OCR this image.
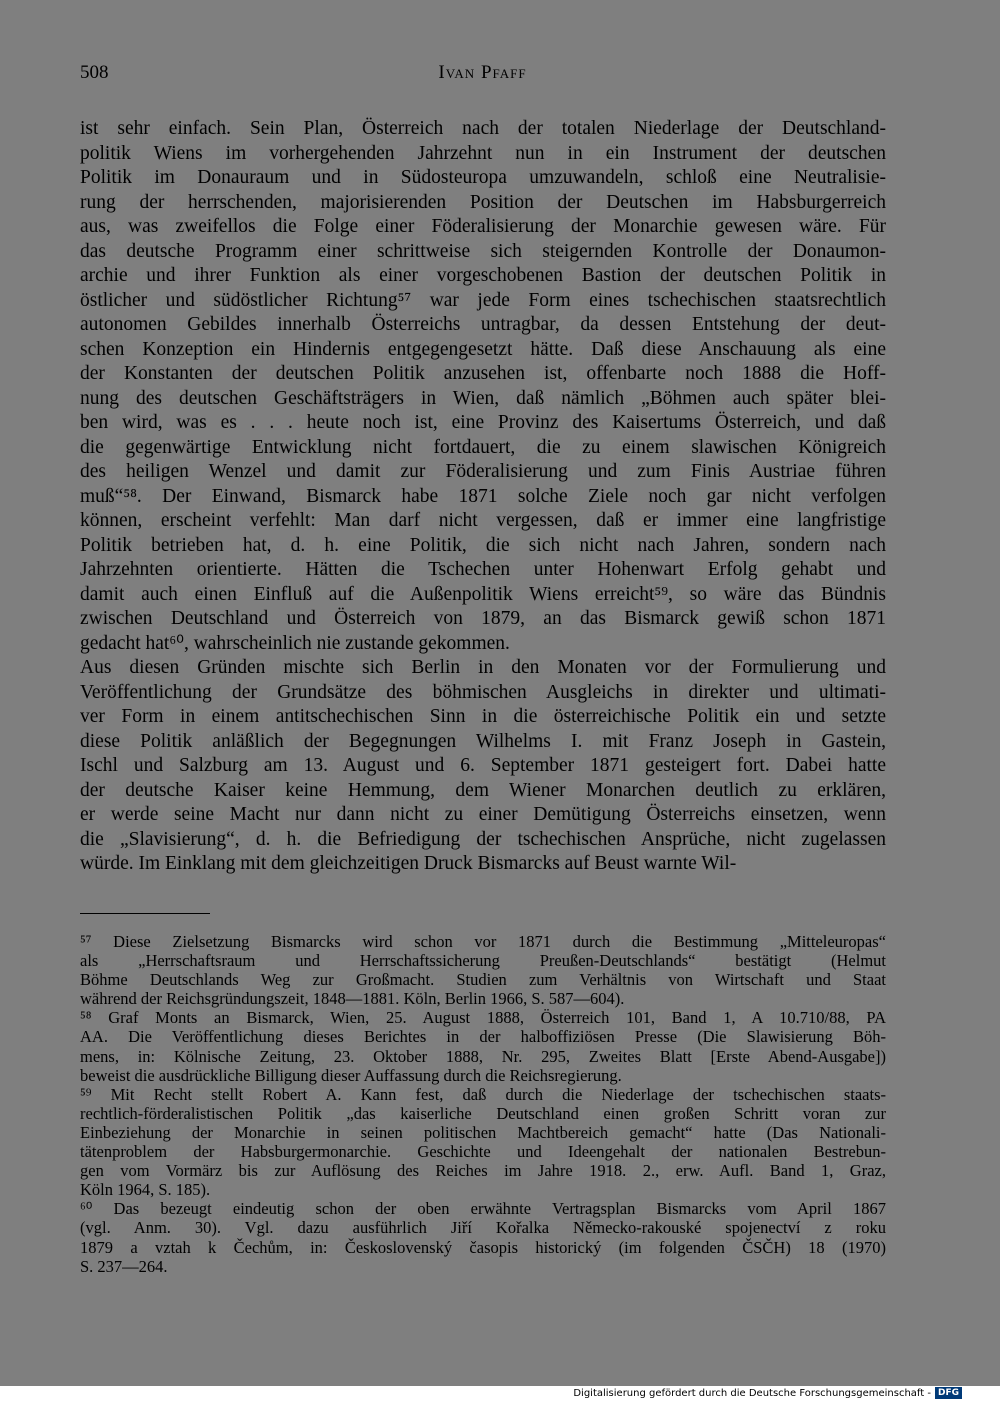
508	Ivan Pfaff
ist sehr einfach. Sein Plan, Österreich nach der totalen Niederlage der Deutschland-
politik Wiens im vorhergehenden Jahrzehnt nun in ein Instrument der deutschen
Politik im Donauraum und in Südosteuropa umzuwandeln, schloß eine Neutralisie-
rung der herrschenden, majorisierenden Position der Deutschen im Habsburgerreich
aus, was zweifellos die Folge einer Föderalisierung der Monarchie gewesen wäre. Für
das deutsche Programm einer schrittweise sich steigernden Kontrolle der Donaumon-
archie und ihrer Funktion als einer vorgeschobenen Bastion der deutschen Politik in
östlicher und südöstlicher Richtung⁵⁷ war jede Form eines tschechischen staatsrechtlich
autonomen Gebildes innerhalb Österreichs untragbar, da dessen Entstehung der deut-
schen Konzeption ein Hindernis entgegengesetzt hätte. Daß diese Anschauung als eine
der Konstanten der deutschen Politik anzusehen ist, offenbarte noch 1888 die Hoff-
nung des deutschen Geschäftsträgers in Wien, daß nämlich „Böhmen auch später blei-
ben wird, was es . . . heute noch ist, eine Provinz des Kaisertums Österreich, und daß
die gegenwärtige Entwicklung nicht fortdauert, die zu einem slawischen Königreich
des heiligen Wenzel und damit zur Föderalisierung und zum Finis Austriae führen
muß“⁵⁸. Der Einwand, Bismarck habe 1871 solche Ziele noch gar nicht verfolgen
können, erscheint verfehlt: Man darf nicht vergessen, daß er immer eine langfristige
Politik betrieben hat, d. h. eine Politik, die sich nicht nach Jahren, sondern nach
Jahrzehnten orientierte. Hätten die Tschechen unter Hohenwart Erfolg gehabt und
damit auch einen Einfluß auf die Außenpolitik Wiens erreicht⁵⁹, so wäre das Bündnis
zwischen Deutschland und Österreich von 1879, an das Bismarck gewiß schon 1871
gedacht hat⁶⁰, wahrscheinlich nie zustande gekommen.
Aus diesen Gründen mischte sich Berlin in den Monaten vor der Formulierung und
Veröffentlichung der Grundsätze des böhmischen Ausgleichs in direkter und ultimati-
ver Form in einem antitschechischen Sinn in die österreichische Politik ein und setzte
diese Politik anläßlich der Begegnungen Wilhelms I. mit Franz Joseph in Gastein,
Ischl und Salzburg am 13. August und 6. September 1871 gesteigert fort. Dabei hatte
der deutsche Kaiser keine Hemmung, dem Wiener Monarchen deutlich zu erklären,
er werde seine Macht nur dann nicht zu einer Demütigung Österreichs einsetzen, wenn
die „Slavisierung“, d. h. die Befriedigung der tschechischen Ansprüche, nicht zugelassen
würde. Im Einklang mit dem gleichzeitigen Druck Bismarcks auf Beust warnte Wil-
⁵⁷ Diese Zielsetzung Bismarcks wird schon vor 1871 durch die Bestimmung „Mitteleuropas“
als „Herrschaftsraum und Herrschaftssicherung Preußen-Deutschlands“ bestätigt (Helmut
Böhme Deutschlands Weg zur Großmacht. Studien zum Verhältnis von Wirtschaft und Staat
während der Reichsgründungszeit, 1848—1881. Köln, Berlin 1966, S. 587—604).
⁵⁸ Graf Monts an Bismarck, Wien, 25. August 1888, Österreich 101, Band 1, A 10.710/88, PA
AA. Die Veröffentlichung dieses Berichtes in der halboffiziösen Presse (Die Slawisierung Böh-
mens, in: Kölnische Zeitung, 23. Oktober 1888, Nr. 295, Zweites Blatt [Erste Abend-Ausgabe])
beweist die ausdrückliche Billigung dieser Auffassung durch die Reichsregierung.
⁵⁹ Mit Recht stellt Robert A. Kann fest, daß durch die Niederlage der tschechischen staats-
rechtlich-förderalistischen Politik „das kaiserliche Deutschland einen großen Schritt voran zur
Einbeziehung der Monarchie in seinen politischen Machtbereich gemacht“ hatte (Das Nationali-
tätenproblem der Habsburgermonarchie. Geschichte und Ideengehalt der nationalen Bestrebun-
gen vom Vormärz bis zur Auflösung des Reiches im Jahre 1918. 2., erw. Aufl. Band 1, Graz,
Köln 1964, S. 185).
⁶⁰ Das bezeugt eindeutig schon der oben erwähnte Vertragsplan Bismarcks vom April 1867
(vgl. Anm. 30). Vgl. dazu ausführlich Jiří Kořalka Německo-rakouské spojenectví z roku
1879 a vztah k Čechům, in: Československý časopis historický (im folgenden ČSČH) 18 (1970)
S. 237—264.
Digitalisierung gefördert durch die Deutsche Forschungsgemeinschaft - DFG
